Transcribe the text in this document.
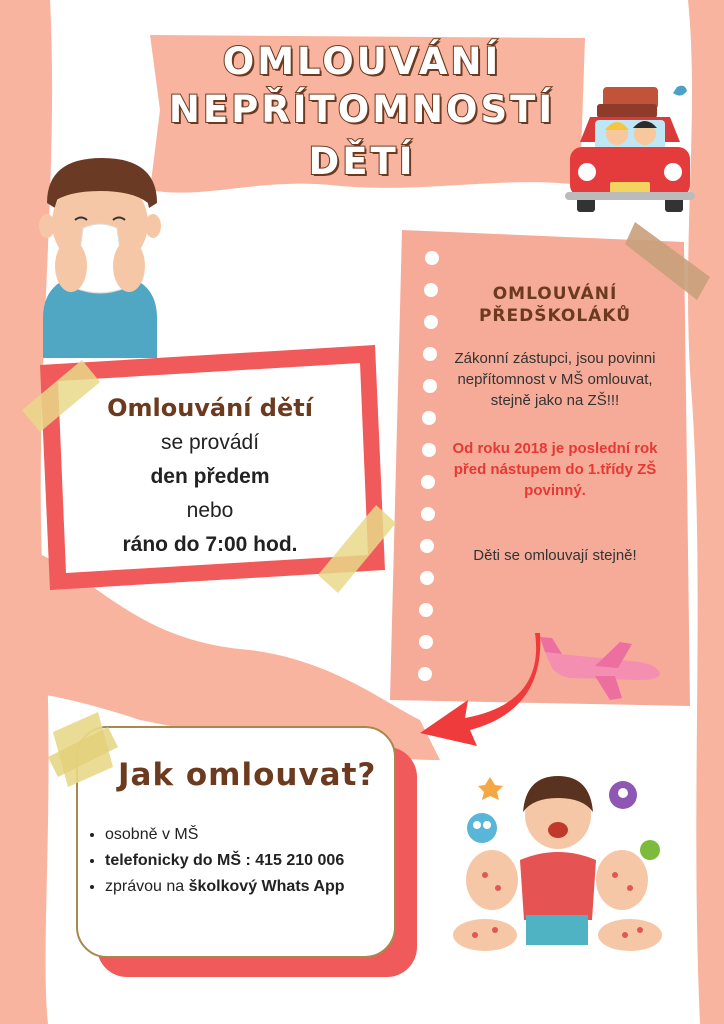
OMLOUVÁNÍ
NEPŘÍTOMNOSTÍ
DĚTÍ
OMLOUVÁNÍ
PŘEDŠKOLÁKŮ
Zákonní zástupci, jsou povinni
nepřítomnost v MŠ omlouvat,
stejně jako na ZŠ!!!
Od roku 2018 je poslední rok
před nástupem do 1.třídy ZŠ
povinný.
Děti se omlouvají stejně!
Omlouvání dětí
se provádí
den předem
nebo
ráno do 7:00 hod.
Jak omlouvat?
• osobně v MŠ
• telefonicky do MŠ : 415 210 006
• zprávou na školkový Whats App
